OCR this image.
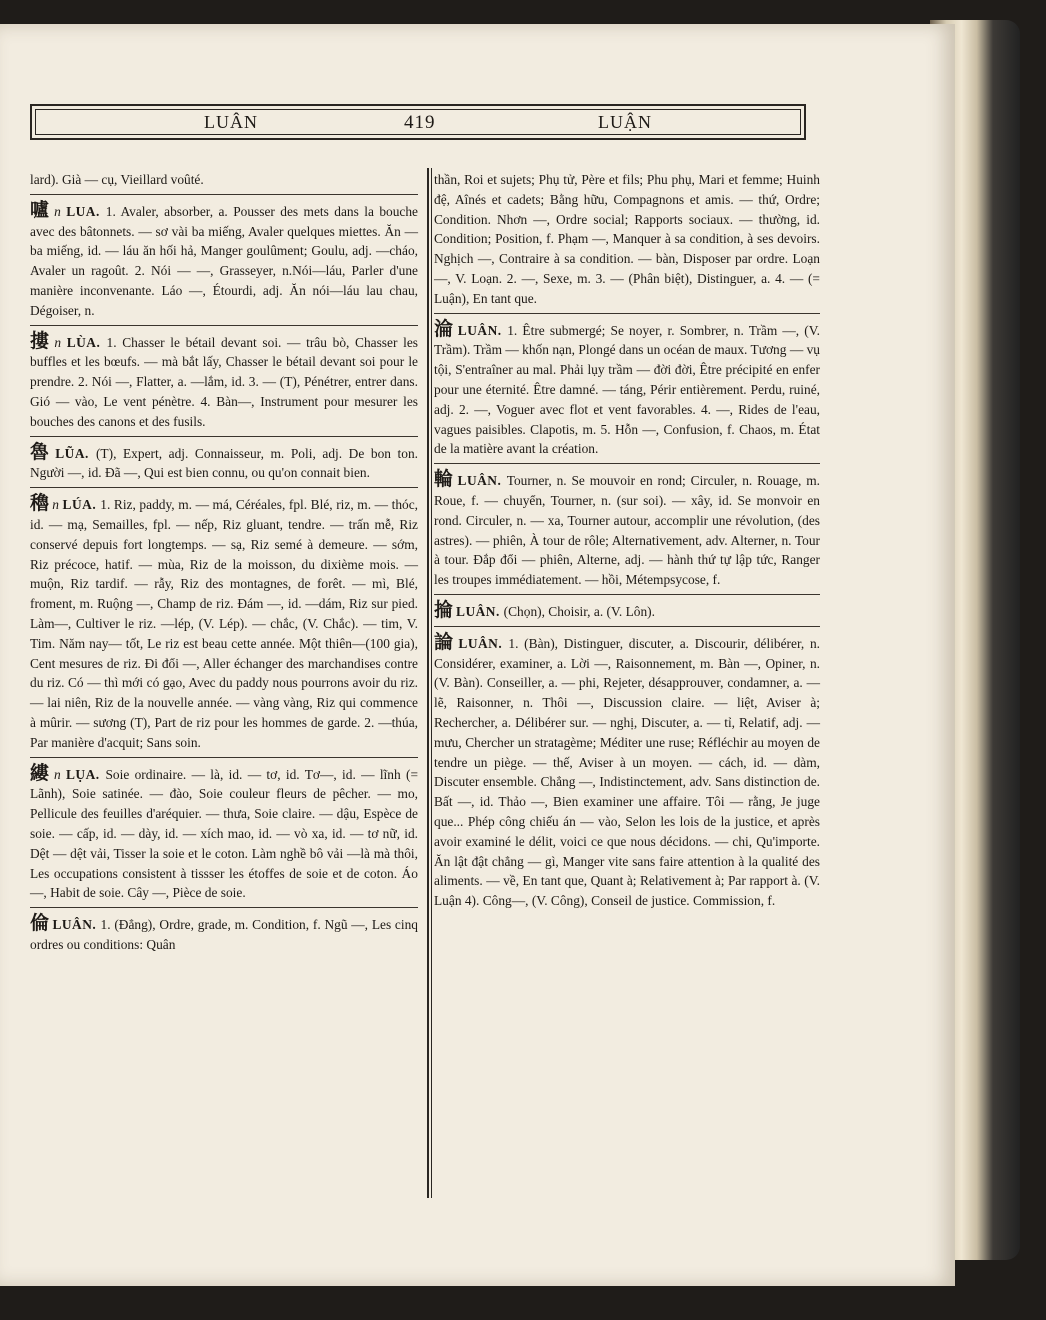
LUÂN	419	LUẬN

lard). Già — cụ, Vieillard voûté.

嚧 n LUA. 1. Avaler, absorber, a. Pousser des mets dans la bouche avec des bâtonnets. — sơ vài ba miếng, Avaler quelques miettes. Ăn —ba miếng, id. — láu ăn hối hả, Manger goulûment; Goulu, adj. —cháo, Avaler un ragoût. 2. Nói — —, Grasseyer, n.Nói—láu, Parler d'une manière inconvenante. Láo —, Étourdi, adj. Ăn nói—láu lau chau, Dégoiser, n.

摟 n LÙA. 1. Chasser le bétail devant soi. — trâu bò, Chasser les buffles et les bœufs. — mà bắt lấy, Chasser le bétail devant soi pour le prendre. 2. Nói —, Flatter, a. —lắm, id. 3. — (T), Pénétrer, entrer dans. Gió — vào, Le vent pénètre. 4. Bàn—, Instrument pour mesurer les bouches des canons et des fusils.

魯 LŨA. (T), Expert, adj. Connaisseur, m. Poli, adj. De bon ton. Người —, id. Đã —, Qui est bien connu, ou qu'on connait bien.

穭 n LÚA. 1. Riz, paddy, m. — má, Céréales, fpl. Blé, riz, m. — thóc, id. — mạ, Semailles, fpl. — nếp, Riz gluant, tendre. — trấn mễ, Riz conservé depuis fort longtemps. — sạ, Riz semé à demeure. — sớm, Riz précoce, hatif. — mùa, Riz de la moisson, du dixième mois. — muộn, Riz tardif. — rẫy, Riz des montagnes, de forêt. — mì, Blé, froment, m. Ruộng —, Champ de riz. Đám —, id. —dám, Riz sur pied. Làm—, Cultiver le riz. —lép, (V. Lép). — chắc, (V. Chắc). — tim, V. Tim. Năm nay— tốt, Le riz est beau cette année. Một thiên—(100 gia), Cent mesures de riz. Đi đổi —, Aller échanger des marchandises contre du riz. Có — thì mới có gạo, Avec du paddy nous pourrons avoir du riz. — lai niên, Riz de la nouvelle année. — vàng vàng, Riz qui commence à mûrir. — sương (T), Part de riz pour les hommes de garde. 2. —thúa, Par manière d'acquit; Sans soin.

縷 n LỤA. Soie ordinaire. — là, id. — tơ, id. Tơ—, id. — lĩnh (= Lãnh), Soie satinée. — đào, Soie couleur fleurs de pêcher. — mo, Pellicule des feuilles d'aréquier. — thưa, Soie claire. — dậu, Espèce de soie. — cấp, id. — dày, id. — xích mao, id. — vò xa, id. — tơ nữ, id. Dệt — dệt vải, Tisser la soie et le coton. Làm nghề bô vải —là mà thôi, Les occupations consistent à tissser les étoffes de soie et de coton. Áo —, Habit de soie. Cây —, Pièce de soie.

倫 LUÂN. 1. (Đẳng), Ordre, grade, m. Condition, f. Ngũ —, Les cinq ordres ou conditions: Quân

thần, Roi et sujets; Phụ tử, Père et fils; Phu phụ, Mari et femme; Huinh đệ, Aînés et cadets; Bằng hữu, Compagnons et amis. — thứ, Ordre; Condition. Nhơn —, Ordre social; Rapports sociaux. — thường, id. Condition; Position, f. Phạm —, Manquer à sa condition, à ses devoirs. Nghịch —, Contraire à sa condition. — bàn, Disposer par ordre. Loạn —, V. Loạn. 2. —, Sexe, m. 3. — (Phân biệt), Distinguer, a. 4. — (= Luận), En tant que.

淪 LUÂN. 1. Être submergé; Se noyer, r. Sombrer, n. Trầm —, (V. Trầm). Trầm — khốn nạn, Plongé dans un océan de maux. Tương — vụ tội, S'entraîner au mal. Phải lụy trầm — đời đời, Être précipité en enfer pour une éternité. Être damné. — táng, Périr entièrement. Perdu, ruiné, adj. 2. —, Voguer avec flot et vent favorables. 4. —, Rides de l'eau, vagues paisibles. Clapotis, m. 5. Hỗn —, Confusion, f. Chaos, m. État de la matière avant la création.

輪 LUÂN. Tourner, n. Se mouvoir en rond; Circuler, n. Rouage, m. Roue, f. — chuyển, Tourner, n. (sur soi). — xây, id. Se monvoir en rond. Circuler, n. — xa, Tourner autour, accomplir une révolution, (des astres). — phiên, À tour de rôle; Alternativement, adv. Alterner, n. Tour à tour. Đắp đổi — phiên, Alterne, adj. — hành thứ tự lập tức, Ranger les troupes immédiatement. — hồi, Métempsycose, f.

掄 LUÂN. (Chọn), Choisir, a. (V. Lôn).

論 LUÂN. 1. (Bàn), Distinguer, discuter, a. Discourir, délibérer, n. Considérer, examiner, a. Lời —, Raisonnement, m. Bàn —, Opiner, n. (V. Bàn). Conseiller, a. — phi, Rejeter, désapprouver, condamner, a. — lẽ, Raisonner, n. Thôi —, Discussion claire. — liệt, Aviser à; Rechercher, a. Délibérer sur. — nghị, Discuter, a. — tỉ, Relatif, adj. — mưu, Chercher un stratagème; Méditer une ruse; Réfléchir au moyen de tendre un piège. — thế, Aviser à un moyen. — cách, id. — dàm, Discuter ensemble. Chẳng —, Indistinctement, adv. Sans distinction de. Bất —, id. Thảo —, Bien examiner une affaire. Tôi — rằng, Je juge que... Phép công chiếu án — vào, Selon les lois de la justice, et après avoir examiné le délit, voici ce que nous décidons. — chi, Qu'importe. Ăn lật đật chẳng — gì, Manger vite sans faire attention à la qualité des aliments. — về, En tant que, Quant à; Relativement à; Par rapport à. (V. Luận 4). Công—, (V. Công), Conseil de justice. Commission, f.
